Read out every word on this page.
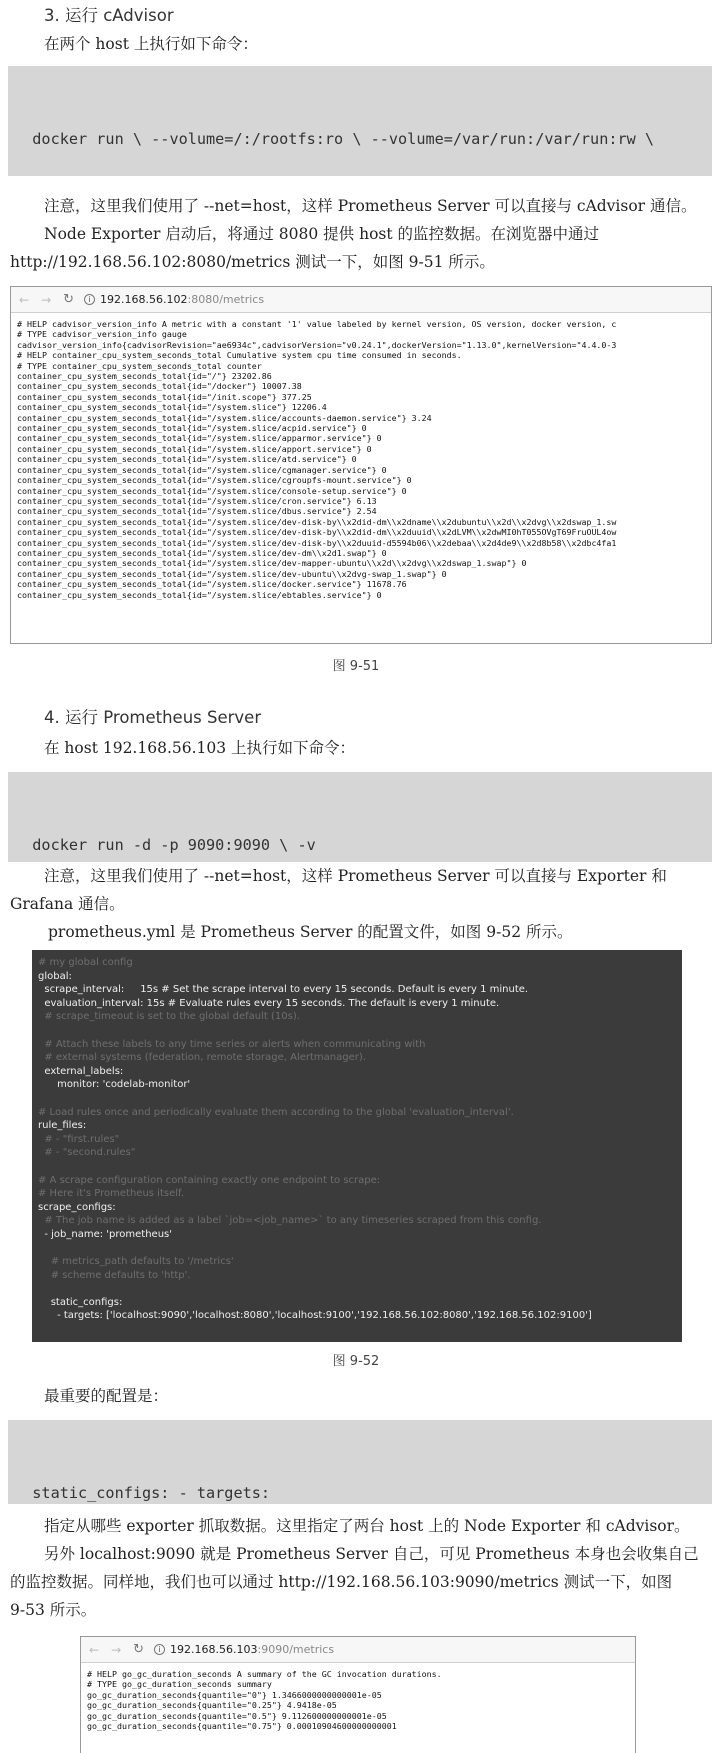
3. 运行 cAdvisor
在两个 host 上执行如下命令：

docker run \ --volume=/:/rootfs:ro \ --volume=/var/run:/var/run:rw \

注意，这里我们使用了 --net=host，这样 Prometheus Server 可以直接与 cAdvisor 通信。
Node Exporter 启动后，将通过 8080 提供 host 的监控数据。在浏览器中通过
http://192.168.56.102:8080/metrics 测试一下，如图 9-51 所示。
← → ↻	i 192.168.56.102 :8080/metrics
# HELP cadvisor_version_info A metric with a constant '1' value labeled by kernel version, OS version, docker version, c
# TYPE cadvisor_version_info gauge
cadvisor_version_info{cadvisorRevision="ae6934c",cadvisorVersion="v0.24.1",dockerVersion="1.13.0",kernelVersion="4.4.0-3
# HELP container_cpu_system_seconds_total Cumulative system cpu time consumed in seconds.
# TYPE container_cpu_system_seconds_total counter
container_cpu_system_seconds_total{id="/"} 23202.86
container_cpu_system_seconds_total{id="/docker"} 10007.38
container_cpu_system_seconds_total{id="/init.scope"} 377.25
container_cpu_system_seconds_total{id="/system.slice"} 12206.4
container_cpu_system_seconds_total{id="/system.slice/accounts-daemon.service"} 3.24
container_cpu_system_seconds_total{id="/system.slice/acpid.service"} 0
container_cpu_system_seconds_total{id="/system.slice/apparmor.service"} 0
container_cpu_system_seconds_total{id="/system.slice/apport.service"} 0
container_cpu_system_seconds_total{id="/system.slice/atd.service"} 0
container_cpu_system_seconds_total{id="/system.slice/cgmanager.service"} 0
container_cpu_system_seconds_total{id="/system.slice/cgroupfs-mount.service"} 0
container_cpu_system_seconds_total{id="/system.slice/console-setup.service"} 0
container_cpu_system_seconds_total{id="/system.slice/cron.service"} 6.13
container_cpu_system_seconds_total{id="/system.slice/dbus.service"} 2.54
container_cpu_system_seconds_total{id="/system.slice/dev-disk-by\\x2did-dm\\x2dname\\x2dubuntu\\x2d\\x2dvg\\x2dswap_1.sw
container_cpu_system_seconds_total{id="/system.slice/dev-disk-by\\x2did-dm\\x2duuid\\x2dLVM\\x2dwMI0hT055OVgT69FruOUL4ow
container_cpu_system_seconds_total{id="/system.slice/dev-disk-by\\x2duuid-d5594b06\\x2debaa\\x2d4de9\\x2d8b58\\x2dbc4fa1
container_cpu_system_seconds_total{id="/system.slice/dev-dm\\x2d1.swap"} 0
container_cpu_system_seconds_total{id="/system.slice/dev-mapper-ubuntu\\x2d\\x2dvg\\x2dswap_1.swap"} 0
container_cpu_system_seconds_total{id="/system.slice/dev-ubuntu\\x2dvg-swap_1.swap"} 0
container_cpu_system_seconds_total{id="/system.slice/docker.service"} 11678.76
container_cpu_system_seconds_total{id="/system.slice/ebtables.service"} 0
图 9-51
4. 运行 Prometheus Server
在 host 192.168.56.103 上执行如下命令：

docker run -d -p 9090:9090 \ -v

注意，这里我们使用了 --net=host，这样 Prometheus Server 可以直接与 Exporter 和
Grafana 通信。
prometheus.yml 是 Prometheus Server 的配置文件，如图 9-52 所示。
# my global config
global:
scrape_interval:     15s # Set the scrape interval to every 15 seconds. Default is every 1 minute.
evaluation_interval: 15s # Evaluate rules every 15 seconds. The default is every 1 minute.
# scrape_timeout is set to the global default (10s).

# Attach these labels to any time series or alerts when communicating with
# external systems (federation, remote storage, Alertmanager).
external_labels:
monitor: 'codelab-monitor'

# Load rules once and periodically evaluate them according to the global 'evaluation_interval'.
rule_files:
# - "first.rules"
# - "second.rules"

# A scrape configuration containing exactly one endpoint to scrape:
# Here it's Prometheus itself.
scrape_configs:
# The job name is added as a label `job=<job_name>` to any timeseries scraped from this config.
- job_name: 'prometheus'

# metrics_path defaults to '/metrics'
# scheme defaults to 'http'.

static_configs:
- targets: ['localhost:9090','localhost:8080','localhost:9100','192.168.56.102:8080','192.168.56.102:9100']
图 9-52
最重要的配置是：

static_configs: - targets:

指定从哪些 exporter 抓取数据。这里指定了两台 host 上的 Node Exporter 和 cAdvisor。
另外 localhost:9090 就是 Prometheus Server 自己，可见 Prometheus 本身也会收集自己
的监控数据。同样地，我们也可以通过 http://192.168.56.103:9090/metrics 测试一下，如图
9-53 所示。
← → ↻	i 192.168.56.103 :9090/metrics
# HELP go_gc_duration_seconds A summary of the GC invocation durations.
# TYPE go_gc_duration_seconds summary
go_gc_duration_seconds{quantile="0"} 1.3466000000000001e-05
go_gc_duration_seconds{quantile="0.25"} 4.9418e-05
go_gc_duration_seconds{quantile="0.5"} 9.112600000000001e-05
go_gc_duration_seconds{quantile="0.75"} 0.00010904600000000001
